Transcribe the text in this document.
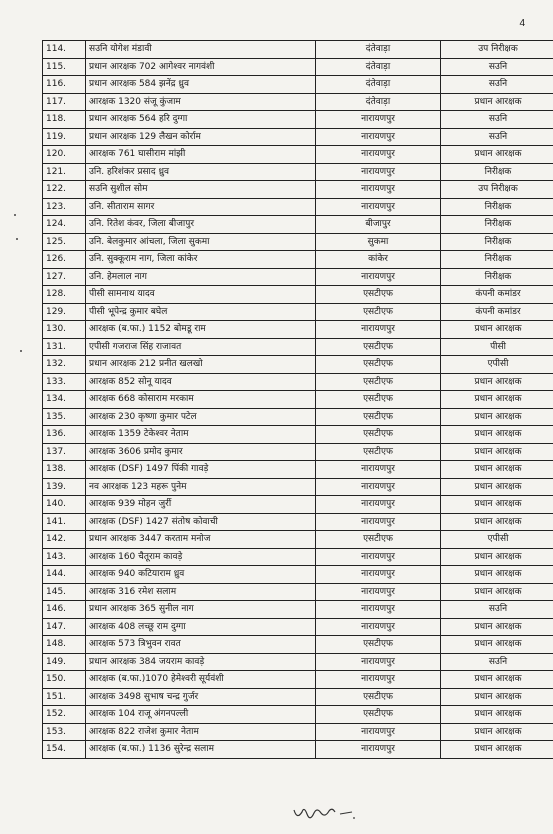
4
114.	सउनि योगेश मंडावी	दंतेवाड़ा	उप निरीक्षक
115.	प्रधान आरक्षक 702 आगेश्वर नागवंशी	दंतेवाड़ा	सउनि
116.	प्रधान आरक्षक 584 झनेंद्र ध्रुव	दंतेवाड़ा	सउनि
117.	आरक्षक 1320 संजू कुंजाम	दंतेवाड़ा	प्रधान आरक्षक
118.	प्रधान आरक्षक 564 हरि दुग्गा	नारायणपुर	सउनि
119.	प्रधान आरक्षक 129 लैखन कोर्राम	नारायणपुर	सउनि
120.	आरक्षक 761 घासीराम मांझी	नारायणपुर	प्रधान आरक्षक
121.	उनि. हरिशंकर प्रसाद ध्रुव	नारायणपुर	निरीक्षक
122.	सउनि सुशील सोम	नारायणपुर	उप निरीक्षक
123.	उनि. सीताराम सागर	नारायणपुर	निरीक्षक
124.	उनि. रितेश कंवर, जिला बीजापुर	बीजापुर	निरीक्षक
125.	उनि. बेलकुमार आंचला, जिला सुकमा	सुकमा	निरीक्षक
126.	उनि. सुक्कूराम नाग, जिला कांकेर	कांकेर	निरीक्षक
127.	उनि. हेमलाल नाग	नारायणपुर	निरीक्षक
128.	पीसी सामनाथ यादव	एसटीएफ	कंपनी कमांडर
129.	पीसी भूपेन्द्र कुमार बघेल	एसटीएफ	कंपनी कमांडर
130.	आरक्षक (ब.फा.) 1152 बोमडू राम	नारायणपुर	प्रधान आरक्षक
131.	एपीसी गजराज सिंह राजावत	एसटीएफ	पीसी
132.	प्रधान आरक्षक 212 प्रनीत खलखो	एसटीएफ	एपीसी
133.	आरक्षक 852 सोनू यादव	एसटीएफ	प्रधान आरक्षक
134.	आरक्षक 668 कोसाराम मरकाम	एसटीएफ	प्रधान आरक्षक
135.	आरक्षक 230 कृष्णा कुमार पटेल	एसटीएफ	प्रधान आरक्षक
136.	आरक्षक 1359 टेकेश्वर नेताम	एसटीएफ	प्रधान आरक्षक
137.	आरक्षक 3606 प्रमोद कुमार	एसटीएफ	प्रधान आरक्षक
138.	आरक्षक (DSF) 1497 पिंकी गावड़े	नारायणपुर	प्रधान आरक्षक
139.	नव आरक्षक 123 महरू पुनेम	नारायणपुर	प्रधान आरक्षक
140.	आरक्षक 939 मोहन जुर्री	नारायणपुर	प्रधान आरक्षक
141.	आरक्षक (DSF) 1427 संतोष कोवाची	नारायणपुर	प्रधान आरक्षक
142.	प्रधान आरक्षक 3447 करताम मनोज	एसटीएफ	एपीसी
143.	आरक्षक 160 चैतूराम कावड़े	नारायणपुर	प्रधान आरक्षक
144.	आरक्षक 940 कटियाराम ध्रुव	नारायणपुर	प्रधान आरक्षक
145.	आरक्षक 316 रमेश सलाम	नारायणपुर	प्रधान आरक्षक
146.	प्रधान आरक्षक 365 सुनील नाग	नारायणपुर	सउनि
147.	आरक्षक 408 लच्छू राम दुग्गा	नारायणपुर	प्रधान आरक्षक
148.	आरक्षक 573 त्रिभुवन रावत	एसटीएफ	प्रधान आरक्षक
149.	प्रधान आरक्षक 384 जयराम कावड़े	नारायणपुर	सउनि
150.	आरक्षक (ब.फा.)1070 हेमेश्वरी सूर्यवंशी	नारायणपुर	प्रधान आरक्षक
151.	आरक्षक 3498 सुभाष चन्द्र गुर्जर	एसटीएफ	प्रधान आरक्षक
152.	आरक्षक 104 राजू अंगनपल्ली	एसटीएफ	प्रधान आरक्षक
153.	आरक्षक 822 राजेश कुमार नेताम	नारायणपुर	प्रधान आरक्षक
154.	आरक्षक (ब.फा.) 1136 सुरेन्द्र सलाम	नारायणपुर	प्रधान आरक्षक
